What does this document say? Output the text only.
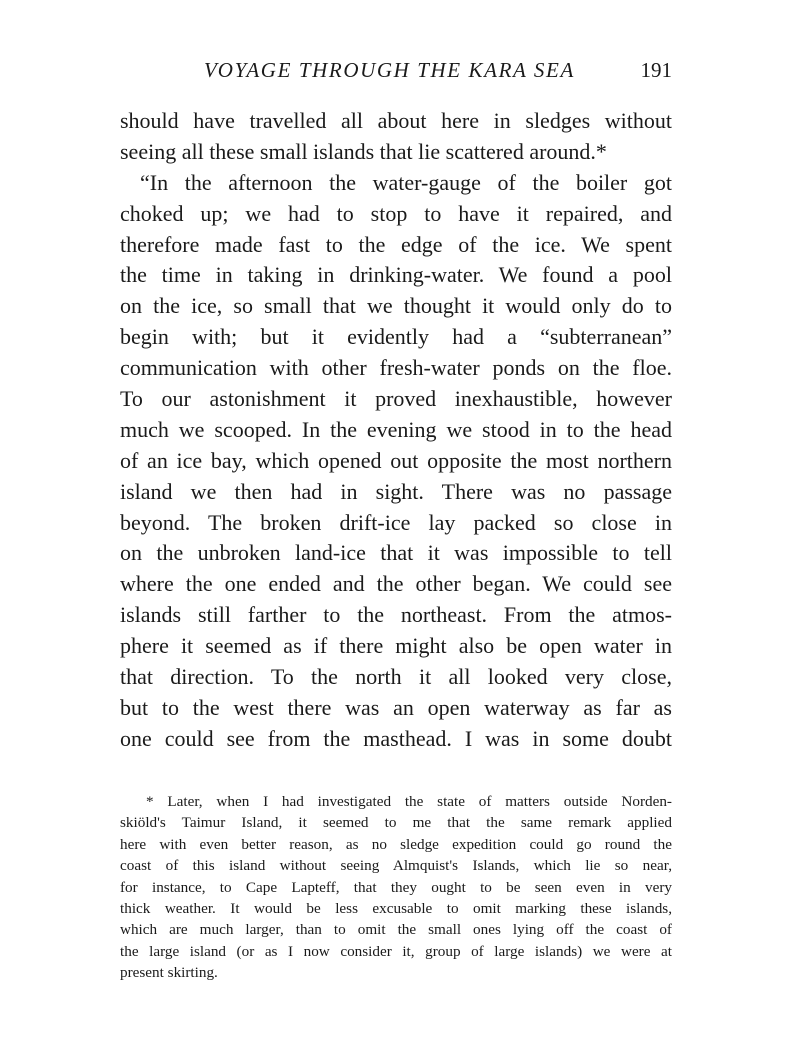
VOYAGE THROUGH THE KARA SEA	191
should have travelled all about here in sledges without
seeing all these small islands that lie scattered around.*
“In the afternoon the water-gauge of the boiler got
choked up; we had to stop to have it repaired, and
therefore made fast to the edge of the ice. We spent
the time in taking in drinking-water. We found a pool
on the ice, so small that we thought it would only do to
begin with; but it evidently had a “subterranean”
communication with other fresh-water ponds on the floe.
To our astonishment it proved inexhaustible, however
much we scooped. In the evening we stood in to the head
of an ice bay, which opened out opposite the most northern
island we then had in sight. There was no passage
beyond. The broken drift-ice lay packed so close in
on the unbroken land-ice that it was impossible to tell
where the one ended and the other began. We could see
islands still farther to the northeast. From the atmos-
phere it seemed as if there might also be open water in
that direction. To the north it all looked very close,
but to the west there was an open waterway as far as
one could see from the masthead. I was in some doubt
* Later, when I had investigated the state of matters outside Norden-
skiöld's Taimur Island, it seemed to me that the same remark applied
here with even better reason, as no sledge expedition could go round the
coast of this island without seeing Almquist's Islands, which lie so near,
for instance, to Cape Lapteff, that they ought to be seen even in very
thick weather. It would be less excusable to omit marking these islands,
which are much larger, than to omit the small ones lying off the coast of
the large island (or as I now consider it, group of large islands) we were at
present skirting.
